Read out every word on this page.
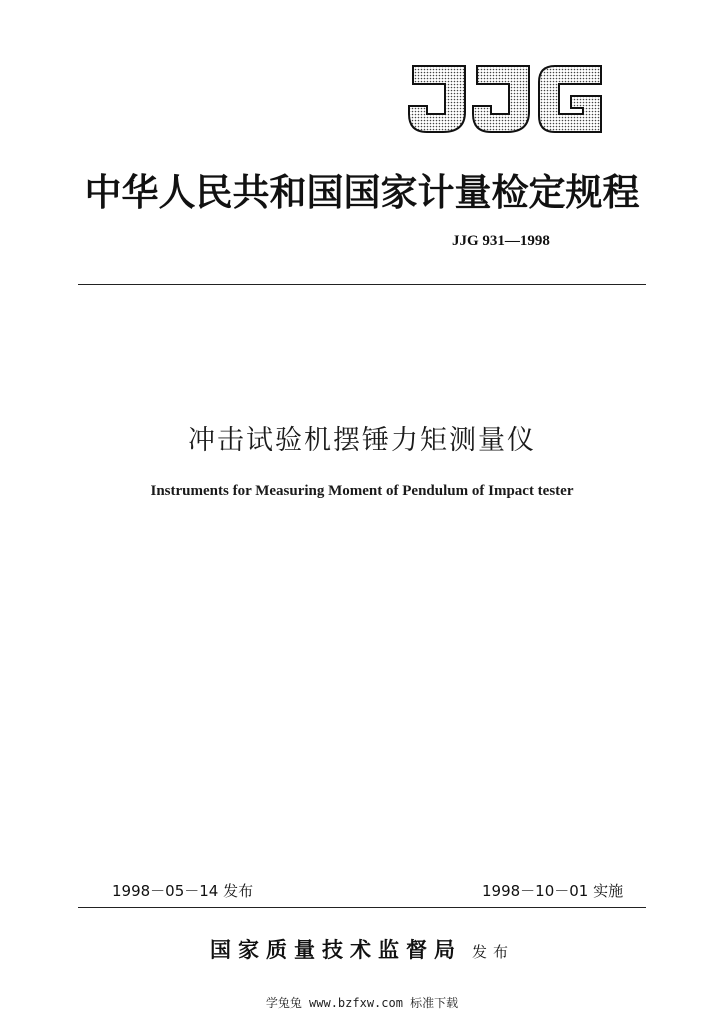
中华人民共和国国家计量检定规程
JJG 931—1998
冲击试验机摆锤力矩测量仪
Instruments for Measuring Moment of Pendulum of Impact tester
1998－05－14 发布	1998－10－01 实施
国家质量技术监督局 发布
学兔兔 www.bzfxw.com 标准下载
